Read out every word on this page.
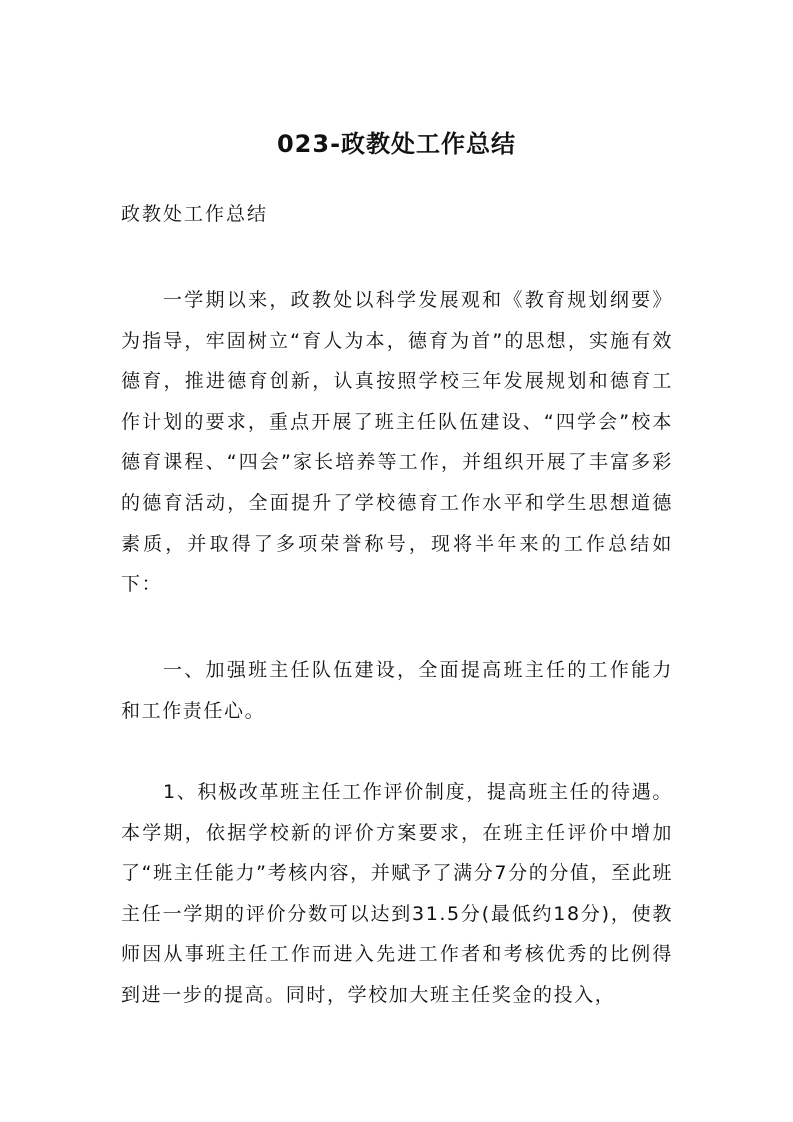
023-政教处工作总结
政教处工作总结

一学期以来，政教处以科学发展观和《教育规划纲要》为指导，牢固树立“育人为本，德育为首”的思想，实施有效德育，推进德育创新，认真按照学校三年发展规划和德育工作计划的要求，重点开展了班主任队伍建设、“四学会”校本德育课程、“四会”家长培养等工作，并组织开展了丰富多彩的德育活动，全面提升了学校德育工作水平和学生思想道德素质，并取得了多项荣誉称号，现将半年来的工作总结如下：

一、加强班主任队伍建设，全面提高班主任的工作能力和工作责任心。

1、积极改革班主任工作评价制度，提高班主任的待遇。本学期，依据学校新的评价方案要求，在班主任评价中增加了“班主任能力”考核内容，并赋予了满分7分的分值，至此班主任一学期的评价分数可以达到31.5分(最低约18分)，使教师因从事班主任工作而进入先进工作者和考核优秀的比例得到进一步的提高。同时，学校加大班主任奖金的投入，
